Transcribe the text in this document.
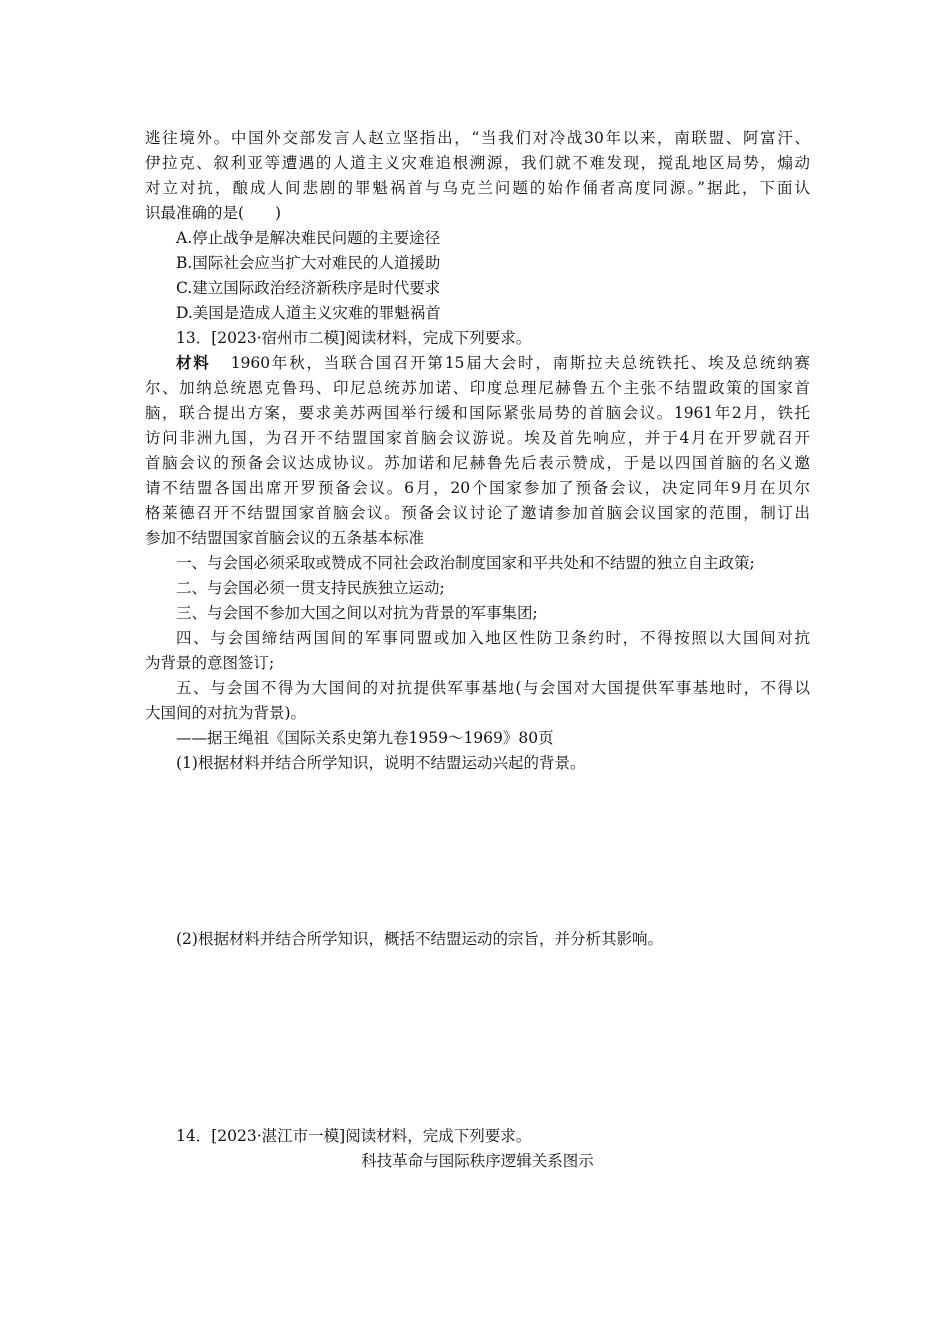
逃往境外。中国外交部发言人赵立坚指出，“当我们对冷战30年以来，南联盟、阿富汗、
伊拉克、叙利亚等遭遇的人道主义灾难追根溯源，我们就不难发现，搅乱地区局势，煽动
对立对抗，酿成人间悲剧的罪魁祸首与乌克兰问题的始作俑者高度同源。”据此，下面认
识最准确的是(　　)
A.停止战争是解决难民问题的主要途径
B.国际社会应当扩大对难民的人道援助
C.建立国际政治经济新秩序是时代要求
D.美国是造成人道主义灾难的罪魁祸首
13．[2023·宿州市二模]阅读材料，完成下列要求。
材料 1960年秋，当联合国召开第15届大会时，南斯拉夫总统铁托、埃及总统纳赛
尔、加纳总统恩克鲁玛、印尼总统苏加诺、印度总理尼赫鲁五个主张不结盟政策的国家首
脑，联合提出方案，要求美苏两国举行缓和国际紧张局势的首脑会议。1961年2月，铁托
访问非洲九国，为召开不结盟国家首脑会议游说。埃及首先响应，并于4月在开罗就召开
首脑会议的预备会议达成协议。苏加诺和尼赫鲁先后表示赞成，于是以四国首脑的名义邀
请不结盟各国出席开罗预备会议。6月，20个国家参加了预备会议，决定同年9月在贝尔
格莱德召开不结盟国家首脑会议。预备会议讨论了邀请参加首脑会议国家的范围，制订出
参加不结盟国家首脑会议的五条基本标准
一、与会国必须采取或赞成不同社会政治制度国家和平共处和不结盟的独立自主政策;
二、与会国必须一贯支持民族独立运动;
三、与会国不参加大国之间以对抗为背景的军事集团;
四、与会国缔结两国间的军事同盟或加入地区性防卫条约时，不得按照以大国间对抗
为背景的意图签订;
五、与会国不得为大国间的对抗提供军事基地(与会国对大国提供军事基地时，不得以
大国间的对抗为背景)。
——据王绳祖《国际关系史第九卷1959～1969》80页
(1)根据材料并结合所学知识，说明不结盟运动兴起的背景。
(2)根据材料并结合所学知识，概括不结盟运动的宗旨，并分析其影响。
14．[2023·湛江市一模]阅读材料，完成下列要求。
科技革命与国际秩序逻辑关系图示
